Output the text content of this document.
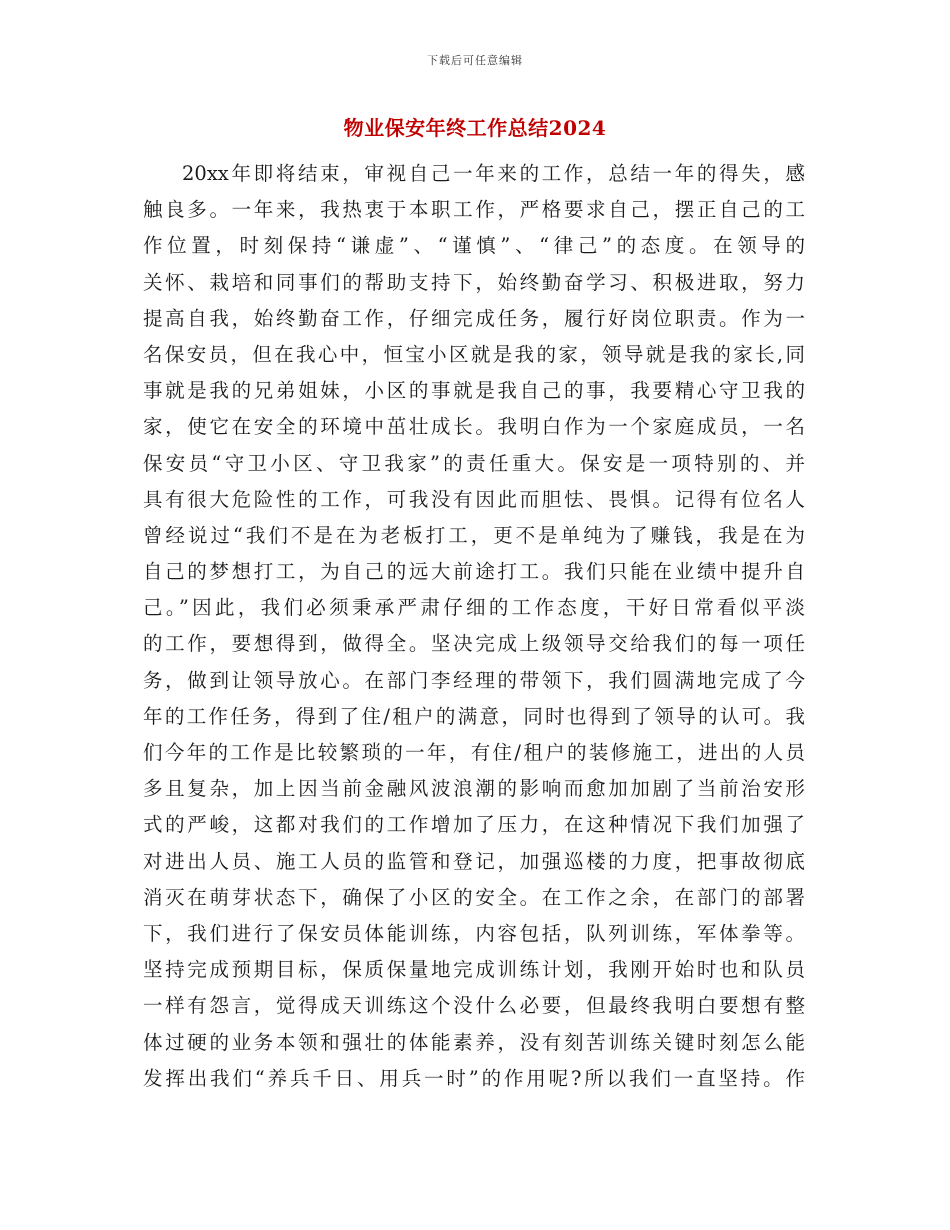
下载后可任意编辑
物业保安年终工作总结2024
20xx年即将结束，审视自己一年来的工作，总结一年的得失，感
触良多。一年来，我热衷于本职工作，严格要求自己，摆正自己的工
作位置，时刻保持“谦虚”、“谨慎”、“律己”的态度。在领导的
关怀、栽培和同事们的帮助支持下，始终勤奋学习、积极进取，努力
提高自我，始终勤奋工作，仔细完成任务，履行好岗位职责。作为一
名保安员，但在我心中，恒宝小区就是我的家，领导就是我的家长,同
事就是我的兄弟姐妹，小区的事就是我自己的事，我要精心守卫我的
家，使它在安全的环境中茁壮成长。我明白作为一个家庭成员，一名
保安员“守卫小区、守卫我家”的责任重大。保安是一项特别的、并
具有很大危险性的工作，可我没有因此而胆怯、畏惧。记得有位名人
曾经说过“我们不是在为老板打工，更不是单纯为了赚钱，我是在为
自己的梦想打工，为自己的远大前途打工。我们只能在业绩中提升自
己。”因此，我们必须秉承严肃仔细的工作态度，干好日常看似平淡
的工作，要想得到，做得全。坚决完成上级领导交给我们的每一项任
务，做到让领导放心。在部门李经理的带领下，我们圆满地完成了今
年的工作任务，得到了住/租户的满意，同时也得到了领导的认可。我
们今年的工作是比较繁琐的一年，有住/租户的装修施工，进出的人员
多且复杂，加上因当前金融风波浪潮的影响而愈加加剧了当前治安形
式的严峻，这都对我们的工作增加了压力，在这种情况下我们加强了
对进出人员、施工人员的监管和登记，加强巡楼的力度，把事故彻底
消灭在萌芽状态下，确保了小区的安全。在工作之余，在部门的部署
下，我们进行了保安员体能训练，内容包括，队列训练，军体拳等。
坚持完成预期目标，保质保量地完成训练计划，我刚开始时也和队员
一样有怨言，觉得成天训练这个没什么必要，但最终我明白要想有整
体过硬的业务本领和强壮的体能素养，没有刻苦训练关键时刻怎么能
发挥出我们“养兵千日、用兵一时”的作用呢?所以我们一直坚持。作
